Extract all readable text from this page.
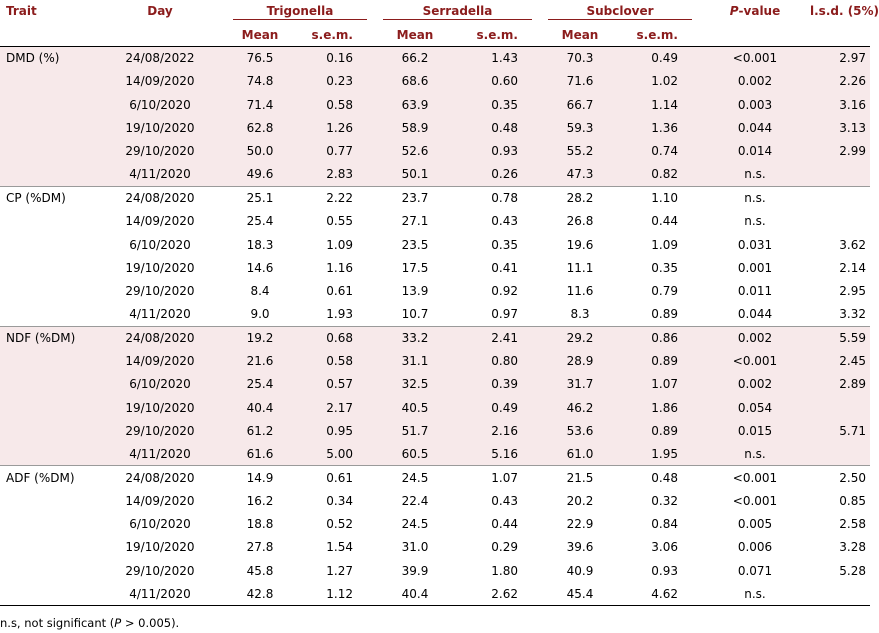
Trait	Day	Trigonella		Serradella		Subclover		P-value	l.s.d. (5%)
		Mean	s.e.m.	Mean	s.e.m.	Mean	s.e.m.		
DMD (%)	24/08/2022	76.5	0.16	66.2	1.43	70.3	0.49	<0.001	2.97
	14/09/2020	74.8	0.23	68.6	0.60	71.6	1.02	0.002	2.26
	6/10/2020	71.4	0.58	63.9	0.35	66.7	1.14	0.003	3.16
	19/10/2020	62.8	1.26	58.9	0.48	59.3	1.36	0.044	3.13
	29/10/2020	50.0	0.77	52.6	0.93	55.2	0.74	0.014	2.99
	4/11/2020	49.6	2.83	50.1	0.26	47.3	0.82	n.s.	
CP (%DM)	24/08/2020	25.1	2.22	23.7	0.78	28.2	1.10	n.s.	
	14/09/2020	25.4	0.55	27.1	0.43	26.8	0.44	n.s.	
	6/10/2020	18.3	1.09	23.5	0.35	19.6	1.09	0.031	3.62
	19/10/2020	14.6	1.16	17.5	0.41	11.1	0.35	0.001	2.14
	29/10/2020	8.4	0.61	13.9	0.92	11.6	0.79	0.011	2.95
	4/11/2020	9.0	1.93	10.7	0.97	8.3	0.89	0.044	3.32
NDF (%DM)	24/08/2020	19.2	0.68	33.2	2.41	29.2	0.86	0.002	5.59
	14/09/2020	21.6	0.58	31.1	0.80	28.9	0.89	<0.001	2.45
	6/10/2020	25.4	0.57	32.5	0.39	31.7	1.07	0.002	2.89
	19/10/2020	40.4	2.17	40.5	0.49	46.2	1.86	0.054	
	29/10/2020	61.2	0.95	51.7	2.16	53.6	0.89	0.015	5.71
	4/11/2020	61.6	5.00	60.5	5.16	61.0	1.95	n.s.	
ADF (%DM)	24/08/2020	14.9	0.61	24.5	1.07	21.5	0.48	<0.001	2.50
	14/09/2020	16.2	0.34	22.4	0.43	20.2	0.32	<0.001	0.85
	6/10/2020	18.8	0.52	24.5	0.44	22.9	0.84	0.005	2.58
	19/10/2020	27.8	1.54	31.0	0.29	39.6	3.06	0.006	3.28
	29/10/2020	45.8	1.27	39.9	1.80	40.9	0.93	0.071	5.28
	4/11/2020	42.8	1.12	40.4	2.62	45.4	4.62	n.s.	
n.s, not significant (P > 0.005).
